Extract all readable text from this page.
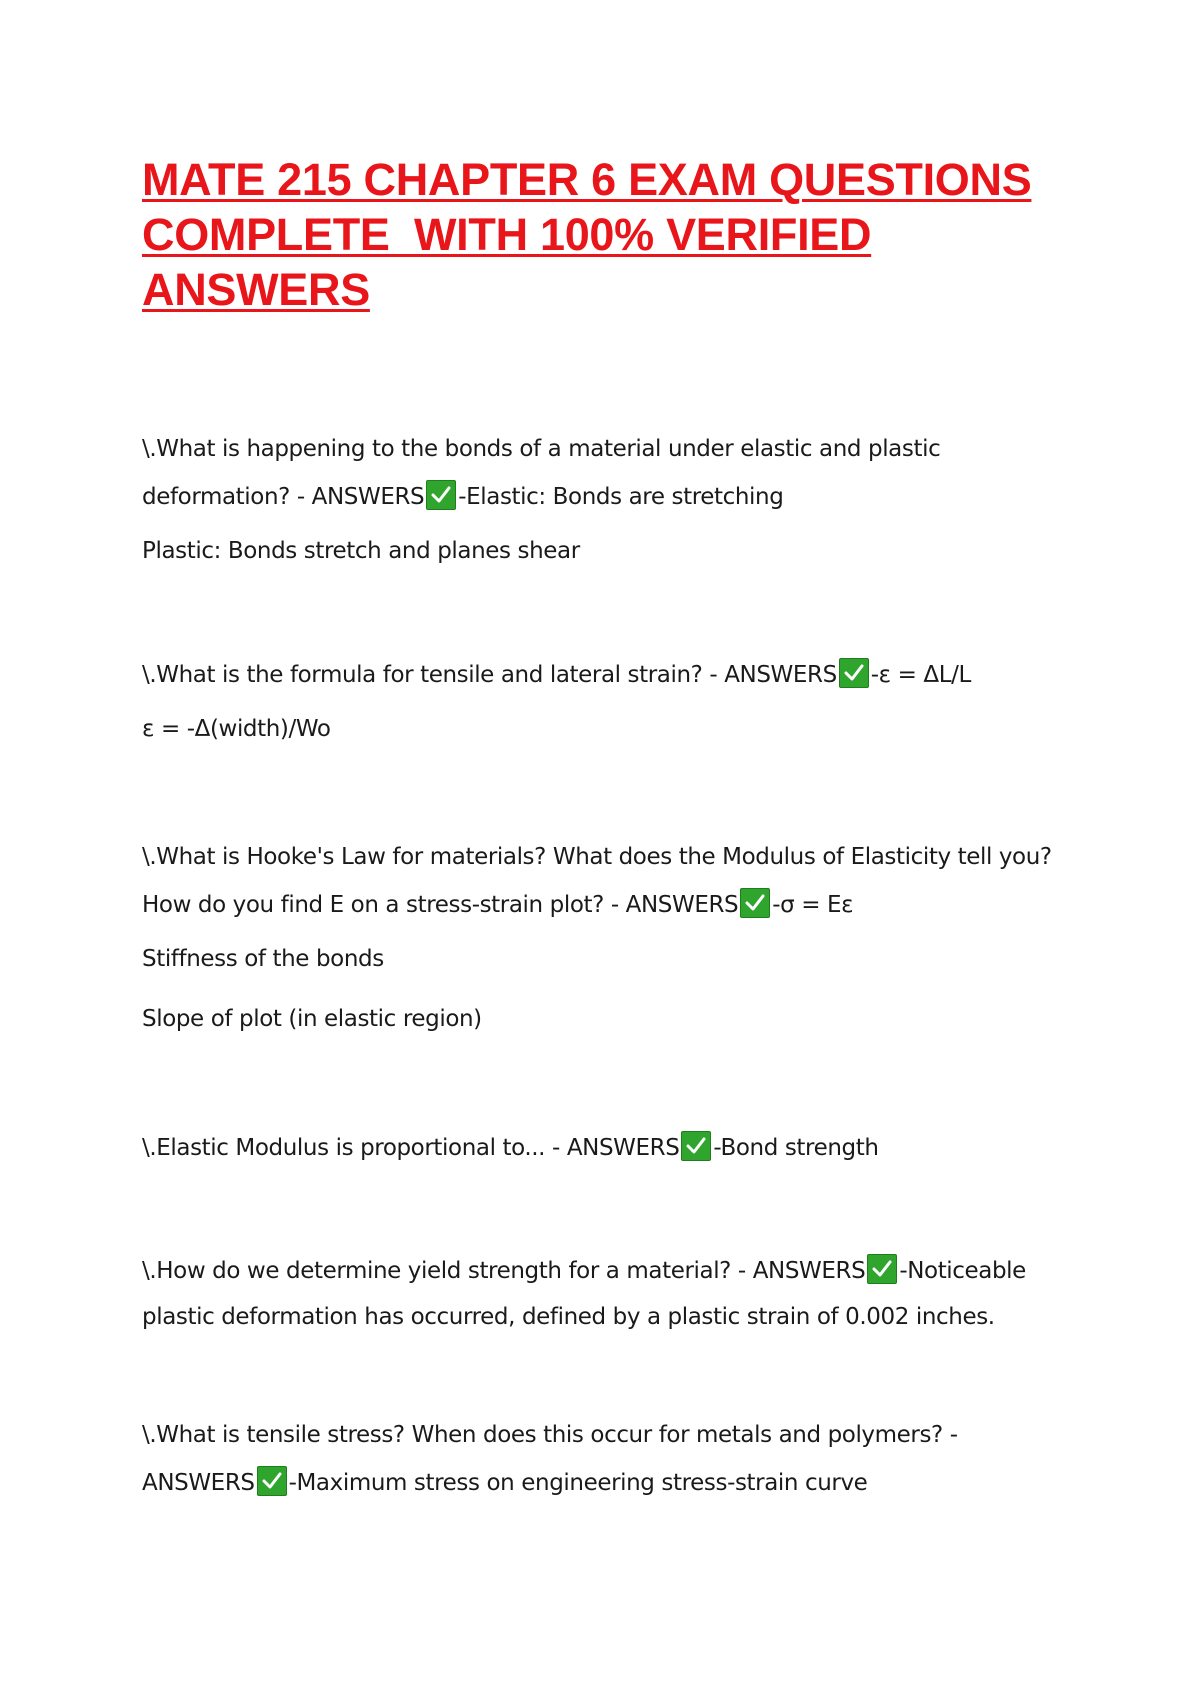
MATE 215 CHAPTER 6 EXAM QUESTIONS
COMPLETE  WITH 100% VERIFIED
ANSWERS
\.What is happening to the bonds of a material under elastic and plastic
deformation? - ANSWERS -Elastic: Bonds are stretching
Plastic: Bonds stretch and planes shear
\.What is the formula for tensile and lateral strain? - ANSWERS -ε = ΔL/L
ε = -Δ(width)/Wo
\.What is Hooke's Law for materials? What does the Modulus of Elasticity tell you?
How do you find E on a stress-strain plot? - ANSWERS -σ = Eε
Stiffness of the bonds
Slope of plot (in elastic region)
\.Elastic Modulus is proportional to... - ANSWERS -Bond strength
\.How do we determine yield strength for a material? - ANSWERS -Noticeable
plastic deformation has occurred, defined by a plastic strain of 0.002 inches.
\.What is tensile stress? When does this occur for metals and polymers? -
ANSWERS -Maximum stress on engineering stress-strain curve
